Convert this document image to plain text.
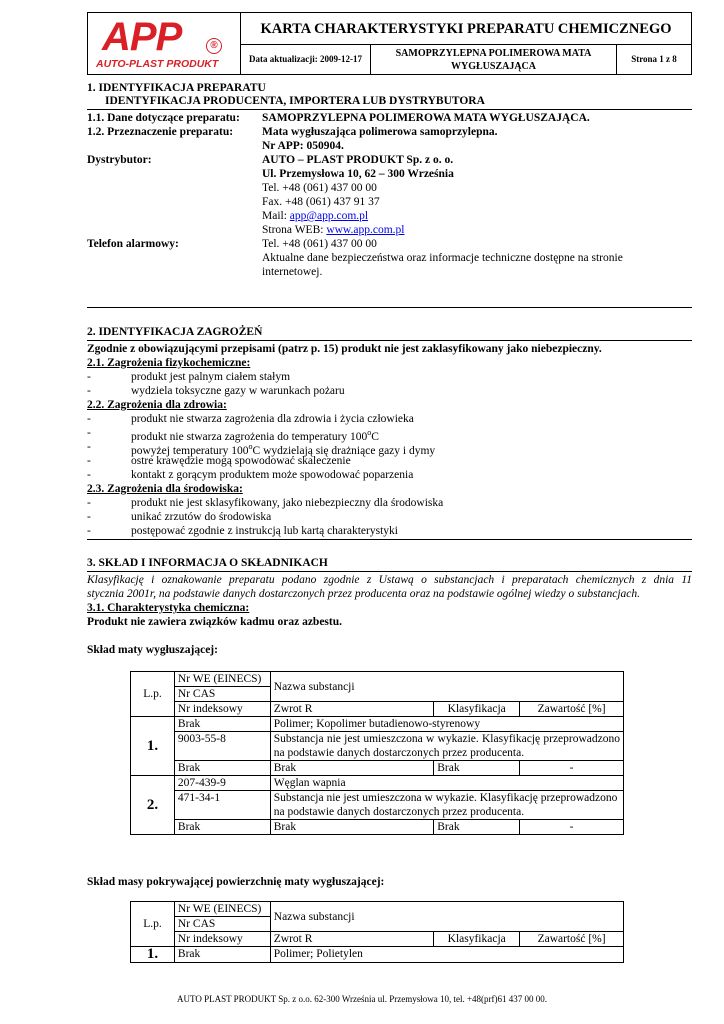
APP	®
AUTO-PLAST PRODUKT
KARTA CHARAKTERYSTYKI PREPARATU CHEMICZNEGO
Data aktualizacji: 2009-12-17	SAMOPRZYLEPNA POLIMEROWA MATA
WYGŁUSZAJĄCA
Strona 1 z 8
1. IDENTYFIKACJA PREPARATU
IDENTYFIKACJA PRODUCENTA, IMPORTERA LUB DYSTRYBUTORA
1.1. Dane dotyczące preparatu: SAMOPRZYLEPNA POLIMEROWA MATA WYGŁUSZAJĄCA.
1.2. Przeznaczenie preparatu:	Mata wygłuszająca polimerowa samoprzylepna.
Nr APP: 050904.
Dystrybutor:	AUTO – PLAST PRODUKT Sp. z o. o.
Ul. Przemysłowa 10, 62 – 300 Września
Tel. +48 (061) 437 00 00
Fax. +48 (061) 437 91 37
Mail: app@app.com.pl
Strona WEB: www.app.com.pl
Telefon alarmowy:	Tel. +48 (061) 437 00 00
Aktualne dane bezpieczeństwa oraz informacje techniczne dostępne na stronie
internetowej.
2. IDENTYFIKACJA ZAGROŻEŃ
Zgodnie z obowiązującymi przepisami (patrz p. 15) produkt nie jest zaklasyfikowany jako niebezpieczny.
2.1. Zagrożenia fizykochemiczne:
-	produkt jest palnym ciałem stałym
-	wydziela toksyczne gazy w warunkach pożaru
2.2. Zagrożenia dla zdrowia:
-	produkt nie stwarza zagrożenia dla zdrowia i życia człowieka
-	produkt nie stwarza zagrożenia do temperatury 100$^o$C
-	powyżej temperatury 100$^o$C wydzielają się drażniące gazy i dymy
-	ostre krawędzie mogą spowodować skaleczenie
-	kontakt z gorącym produktem może spowodować poparzenia
2.3. Zagrożenia dla środowiska:
-	produkt nie jest sklasyfikowany, jako niebezpieczny dla środowiska
-	unikać zrzutów do środowiska
-	postępować zgodnie z instrukcją lub kartą charakterystyki
3. SKŁAD I INFORMACJA O SKŁADNIKACH
Klasyfikację i oznakowanie preparatu podano zgodnie z Ustawą o substancjach i preparatach chemicznych z dnia 11
stycznia 2001r, na podstawie danych dostarczonych przez producenta oraz na podstawie ogólnej wiedzy o substancjach.
3.1. Charakterystyka chemiczna:
Produkt nie zawiera związków kadmu oraz azbestu.
Skład maty wygłuszającej:
L.p.	Nr WE (EINECS)	Nazwa substancji		
	Nr CAS			
	Nr indeksowy	Zwrot R	Klasyfikacja	Zawartość [%]
1.	Brak	Polimer; Kopolimer butadienowo-styrenowy		
	9003-55-8	Substancja nie jest umieszczona w wykazie. Klasyfikację przeprowadzono na podstawie danych dostarczonych przez producenta.		
	Brak	Brak	Brak	-
2.	207-439-9	Węglan wapnia		
	471-34-1	Substancja nie jest umieszczona w wykazie. Klasyfikację przeprowadzono na podstawie danych dostarczonych przez producenta.		
	Brak	Brak	Brak	-
Skład masy pokrywającej powierzchnię maty wygłuszającej:
L.p.	Nr WE (EINECS)	Nazwa substancji		
	Nr CAS			
	Nr indeksowy	Zwrot R	Klasyfikacja	Zawartość [%]
1.	Brak	Polimer; Polietylen		
AUTO PLAST PRODUKT Sp. z o.o. 62-300 Września ul. Przemysłowa 10, tel. +48(prf)61 437 00 00.
